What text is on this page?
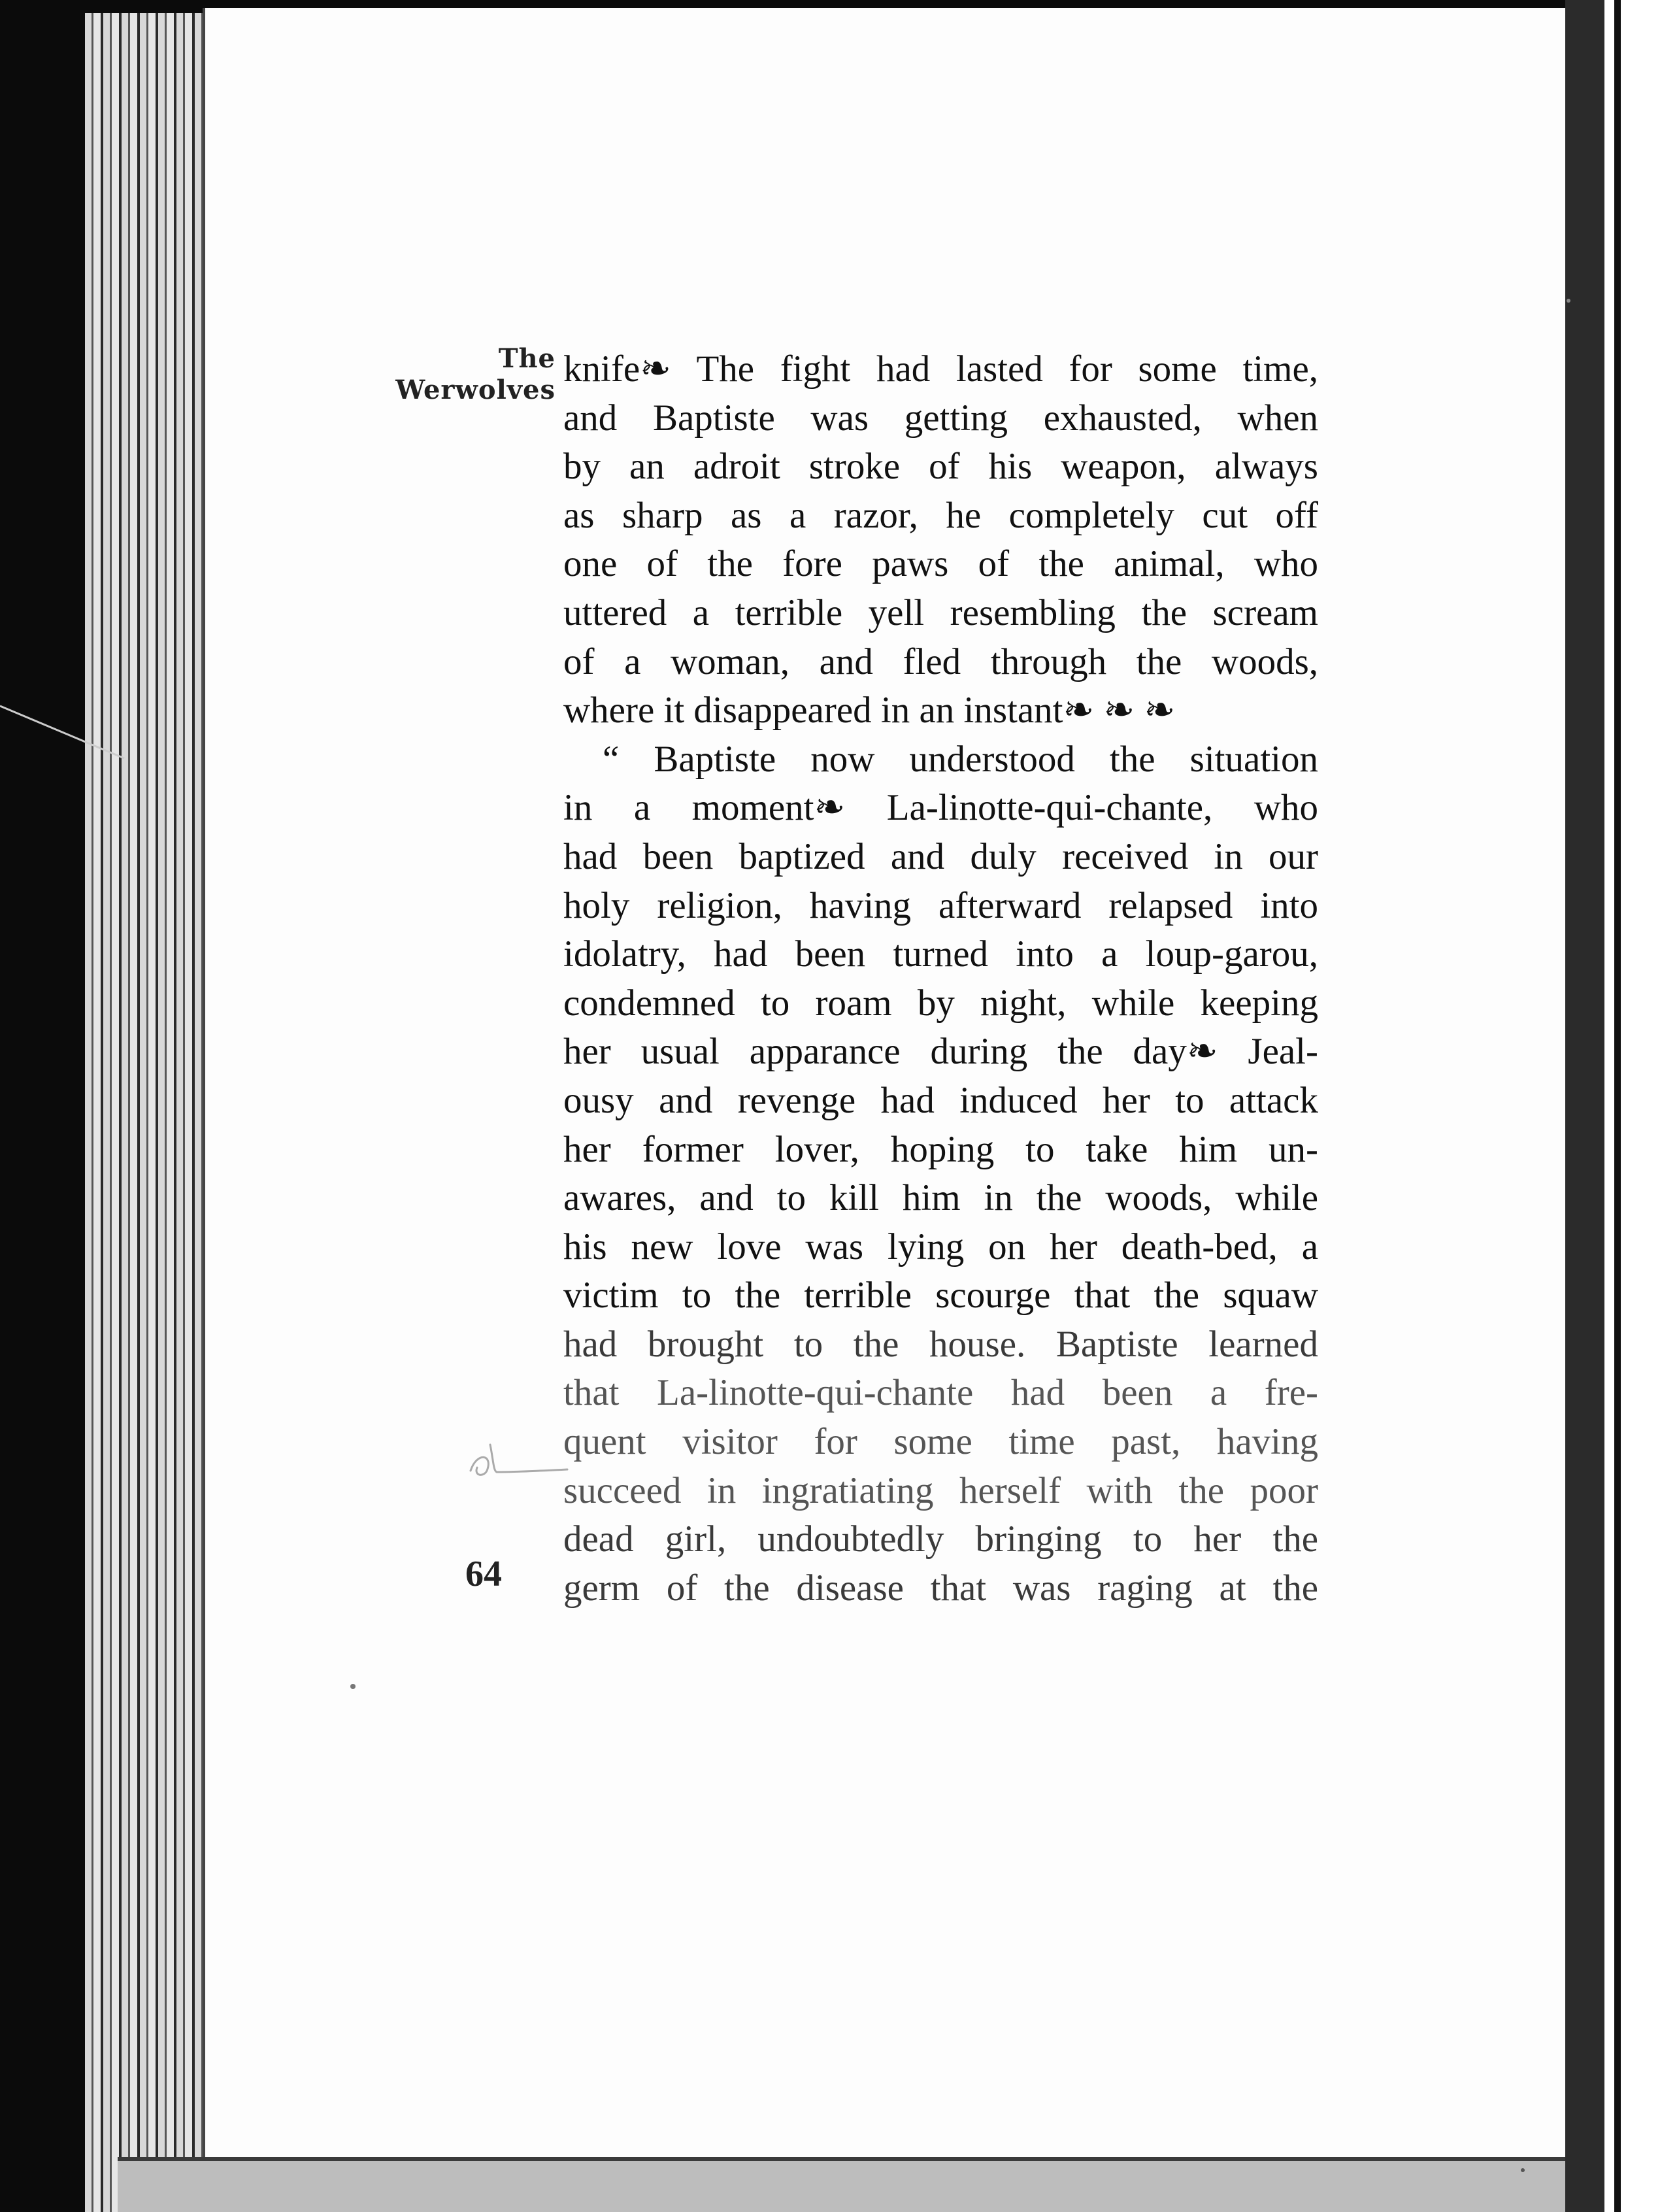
The
Werwolves
knife❧ The fight had lasted for some time,
and Baptiste was getting exhausted, when
by an adroit stroke of his weapon, always
as sharp as a razor, he completely cut off
one of the fore paws of the animal, who
uttered a terrible yell resembling the scream
of a woman, and fled through the woods,
where it disappeared in an instant❧ ❧ ❧
“ Baptiste now understood the situation
in a moment❧ La-linotte-qui-chante, who
had been baptized and duly received in our
holy religion, having afterward relapsed into
idolatry, had been turned into a loup-garou,
condemned to roam by night, while keeping
her usual apparance during the day❧ Jeal-
ousy and revenge had induced her to attack
her former lover, hoping to take him un-
awares, and to kill him in the woods, while
his new love was lying on her death-bed, a
victim to the terrible scourge that the squaw
had brought to the house. Baptiste learned
that La-linotte-qui-chante had been a fre-
quent visitor for some time past, having
succeed in ingratiating herself with the poor
dead girl, undoubtedly bringing to her the
germ of the disease that was raging at the
64
